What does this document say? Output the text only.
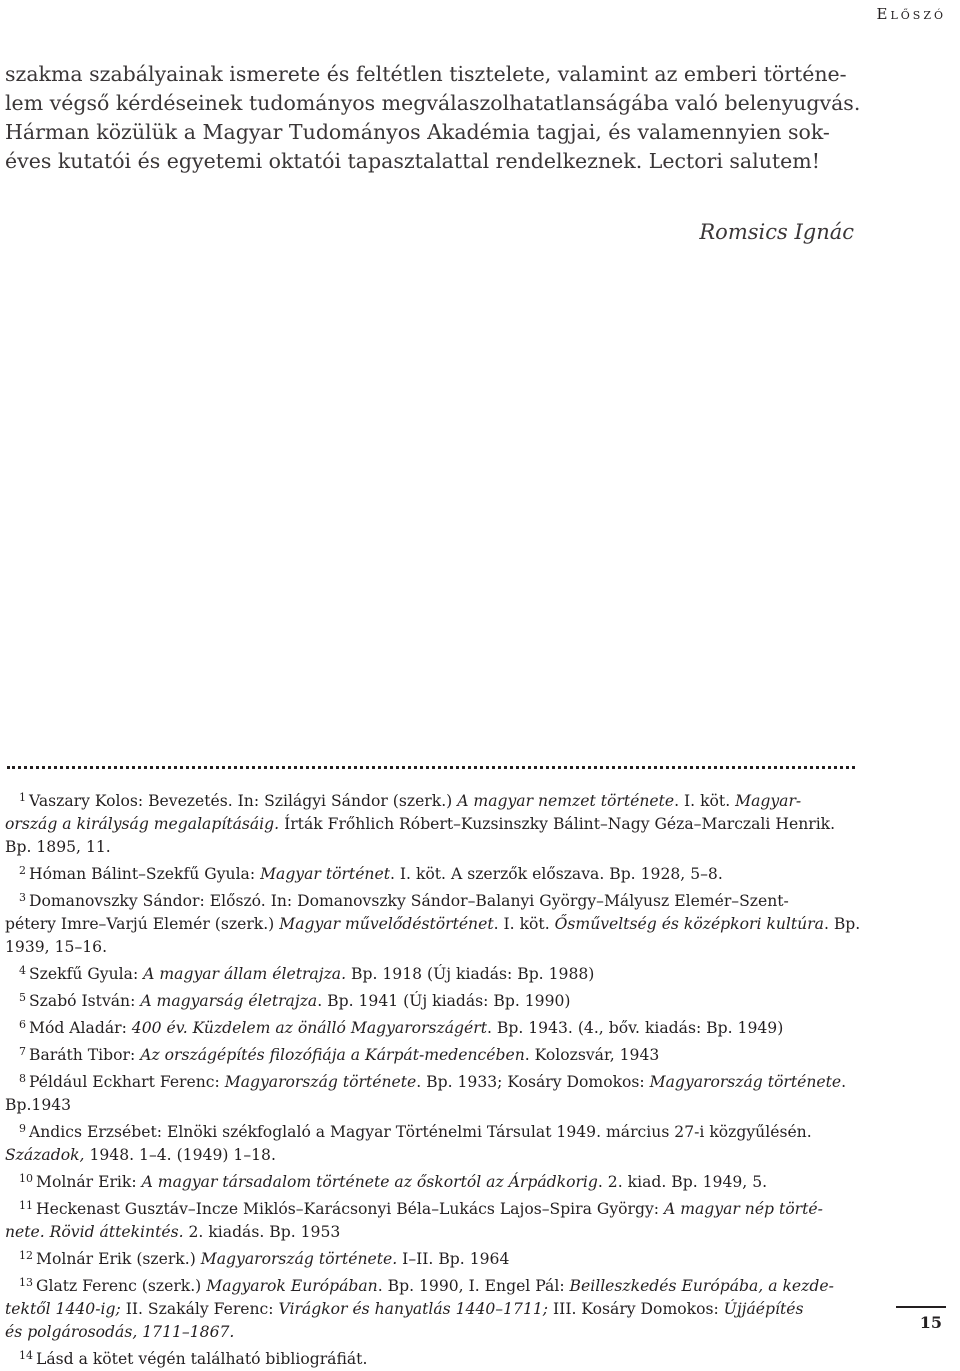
Előszó
szakma szabályainak ismerete és feltétlen tisztelete, valamint az emberi történe-
lem végső kérdéseinek tudományos megválaszolhatatlanságába való belenyugvás.
Hárman közülük a Magyar Tudományos Akadémia tagjai, és valamennyien sok-
éves kutatói és egyetemi oktatói tapasztalattal rendelkeznek. Lectori salutem!
Romsics Ignác
$^1$ Vaszary Kolos: Bevezetés. In: Szilágyi Sándor (szerk.) A magyar nemzet története. I. köt. Magyar-
ország a királyság megalapításáig. Írták Frőhlich Róbert–Kuzsinszky Bálint–Nagy Géza–Marczali Henrik.
Bp. 1895, 11.
$^2$ Hóman Bálint–Szekfű Gyula: Magyar történet. I. köt. A szerzők előszava. Bp. 1928, 5–8.
$^3$ Domanovszky Sándor: Előszó. In: Domanovszky Sándor–Balanyi György–Mályusz Elemér–Szent-
pétery Imre–Varjú Elemér (szerk.) Magyar művelődéstörténet. I. köt. Ősműveltség és középkori kultúra. Bp.
1939, 15–16.
$^4$ Szekfű Gyula: A magyar állam életrajza. Bp. 1918 (Új kiadás: Bp. 1988)
$^5$ Szabó István: A magyarság életrajza. Bp. 1941 (Új kiadás: Bp. 1990)
$^6$ Mód Aladár: 400 év. Küzdelem az önálló Magyarországért. Bp. 1943. (4., bőv. kiadás: Bp. 1949)
$^7$ Baráth Tibor: Az országépítés filozófiája a Kárpát-medencében. Kolozsvár, 1943
$^8$ Például Eckhart Ferenc: Magyarország története. Bp. 1933; Kosáry Domokos: Magyarország története.
Bp.1943
$^9$ Andics Erzsébet: Elnöki székfoglaló a Magyar Történelmi Társulat 1949. március 27-i közgyűlésén.
Századok, 1948. 1–4. (1949) 1–18.
$^{10}$ Molnár Erik: A magyar társadalom története az őskortól az Árpádkorig. 2. kiad. Bp. 1949, 5.
$^{11}$ Heckenast Gusztáv–Incze Miklós–Karácsonyi Béla–Lukács Lajos–Spira György: A magyar nép törté-
nete. Rövid áttekintés. 2. kiadás. Bp. 1953
$^{12}$ Molnár Erik (szerk.) Magyarország története. I–II. Bp. 1964
$^{13}$ Glatz Ferenc (szerk.) Magyarok Európában. Bp. 1990, I. Engel Pál: Beilleszkedés Európába, a kezde-
tektől 1440-ig; II. Szakály Ferenc: Virágkor és hanyatlás 1440–1711; III. Kosáry Domokos: Újjáépítés
és polgárosodás, 1711–1867.
$^{14}$ Lásd a kötet végén található bibliográfiát.
15
